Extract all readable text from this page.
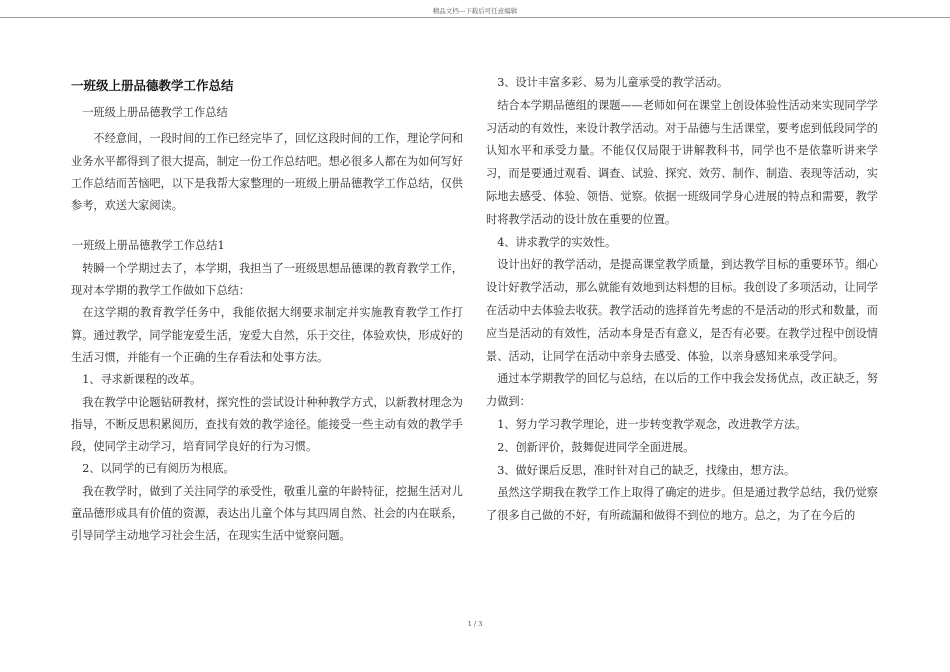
精品文档---下载后可任意编辑
一班级上册品德教学工作总结

一班级上册品德教学工作总结

不经意间，一段时间的工作已经完毕了，回忆这段时间的工作，理论学问和业务水平都得到了很大提高，制定一份工作总结吧。想必很多人都在为如何写好工作总结而苦恼吧，以下是我帮大家整理的一班级上册品德教学工作总结，仅供参考，欢送大家阅读。

一班级上册品德教学工作总结1

转瞬一个学期过去了，本学期，我担当了一班级思想品德课的教育教学工作，现对本学期的教学工作做如下总结：

在这学期的教育教学任务中，我能依据大纲要求制定并实施教育教学工作打算。通过教学，同学能宠爱生活，宠爱大自然，乐于交往，体验欢快，形成好的生活习惯，并能有一个正确的生存看法和处事方法。

1、寻求新课程的改革。

我在教学中论题钻研教材，探究性的尝试设计种种教学方式，以新教材理念为指导，不断反思积累阅历，查找有效的教学途径。能接受一些主动有效的教学手段，使同学主动学习，培育同学良好的行为习惯。

2、以同学的已有阅历为根底。

我在教学时，做到了关注同学的承受性，敬重儿童的年龄特征，挖掘生活对儿童品德形成具有价值的资源，表达出儿童个体与其四周自然、社会的内在联系，引导同学主动地学习社会生活，在现实生活中觉察问题。

3、设计丰富多彩、易为儿童承受的教学活动。

结合本学期品德组的课题——老师如何在课堂上创设体验性活动来实现同学学习活动的有效性，来设计教学活动。对于品德与生活课堂，要考虑到低段同学的认知水平和承受力量。不能仅仅局限于讲解教科书，同学也不是依靠听讲来学习，而是要通过观看、调查、试验、探究、效劳、制作、制造、表现等活动，实际地去感受、体验、领悟、觉察。依据一班级同学身心进展的特点和需要，教学时将教学活动的设计放在重要的位置。

4、讲求教学的实效性。

设计出好的教学活动，是提高课堂教学质量，到达教学目标的重要环节。细心设计好教学活动，那么就能有效地到达料想的目标。我创设了多项活动，让同学在活动中去体验去收获。教学活动的选择首先考虑的不是活动的形式和数量，而应当是活动的有效性，活动本身是否有意义，是否有必要。在教学过程中创设情景、活动，让同学在活动中亲身去感受、体验，以亲身感知来承受学问。

通过本学期教学的回忆与总结，在以后的工作中我会发扬优点，改正缺乏，努力做到：

1、努力学习教学理论，进一步转变教学观念，改进教学方法。

2、创新评价，鼓舞促进同学全面进展。

3、做好课后反思，准时针对自己的缺乏，找缘由，想方法。

虽然这学期我在教学工作上取得了确定的进步。但是通过教学总结，我仍觉察了很多自己做的不好，有所疏漏和做得不到位的地方。总之，为了在今后的

1 / 3
